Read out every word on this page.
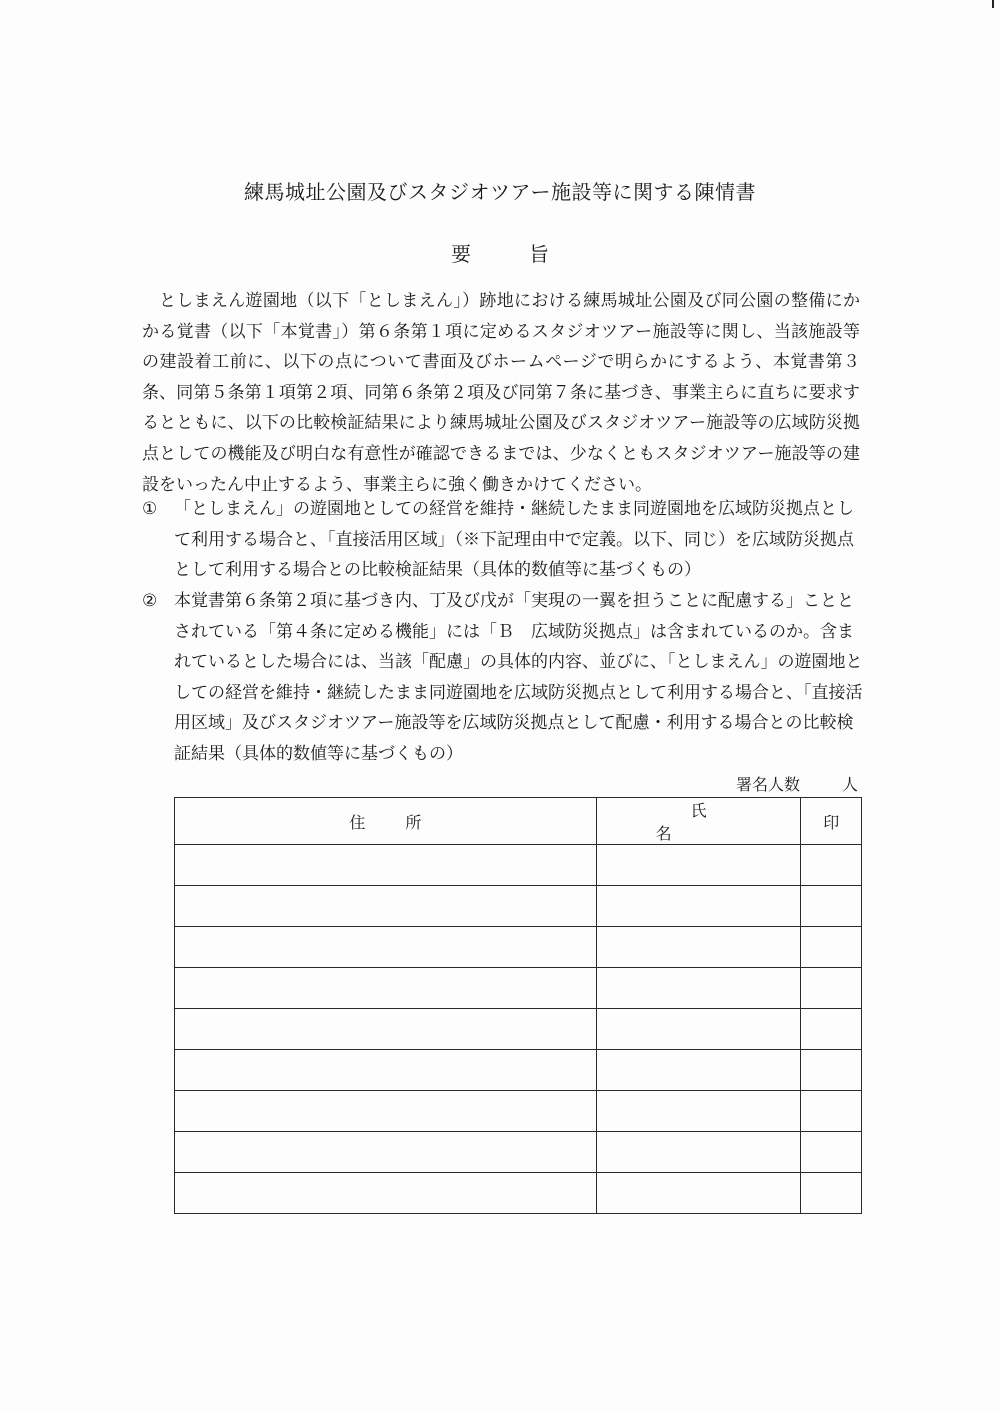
練馬城址公園及びスタジオツアー施設等に関する陳情書
要旨

としまえん遊園地（以下「としまえん」）跡地における練馬城址公園及び同公園の整備にかかる覚書（以下「本覚書」）第６条第１項に定めるスタジオツアー施設等に関し、当該施設等の建設着工前に、以下の点について書面及びホームページで明らかにするよう、本覚書第３条、同第５条第１項第２項、同第６条第２項及び同第７条に基づき、事業主らに直ちに要求するとともに、以下の比較検証結果により練馬城址公園及びスタジオツアー施設等の広域防災拠点としての機能及び明白な有意性が確認できるまでは、少なくともスタジオツアー施設等の建設をいったん中止するよう、事業主らに強く働きかけてください。

① 「としまえん」の遊園地としての経営を維持・継続したまま同遊園地を広域防災拠点として利用する場合と、「直接活用区域」（※下記理由中で定義。以下、同じ）を広域防災拠点として利用する場合との比較検証結果（具体的数値等に基づくもの）
② 本覚書第６条第２項に基づき内、丁及び戊が「実現の一翼を担うことに配慮する」こととされている「第４条に定める機能」には「Ｂ　広域防災拠点」は含まれているのか。含まれているとした場合には、当該「配慮」の具体的内容、並びに、「としまえん」の遊園地としての経営を維持・継続したまま同遊園地を広域防災拠点として利用する場合と、「直接活用区域」及びスタジオツアー施設等を広域防災拠点として配慮・利用する場合との比較検証結果（具体的数値等に基づくもの）
署名人数	人
住所	氏名	印
